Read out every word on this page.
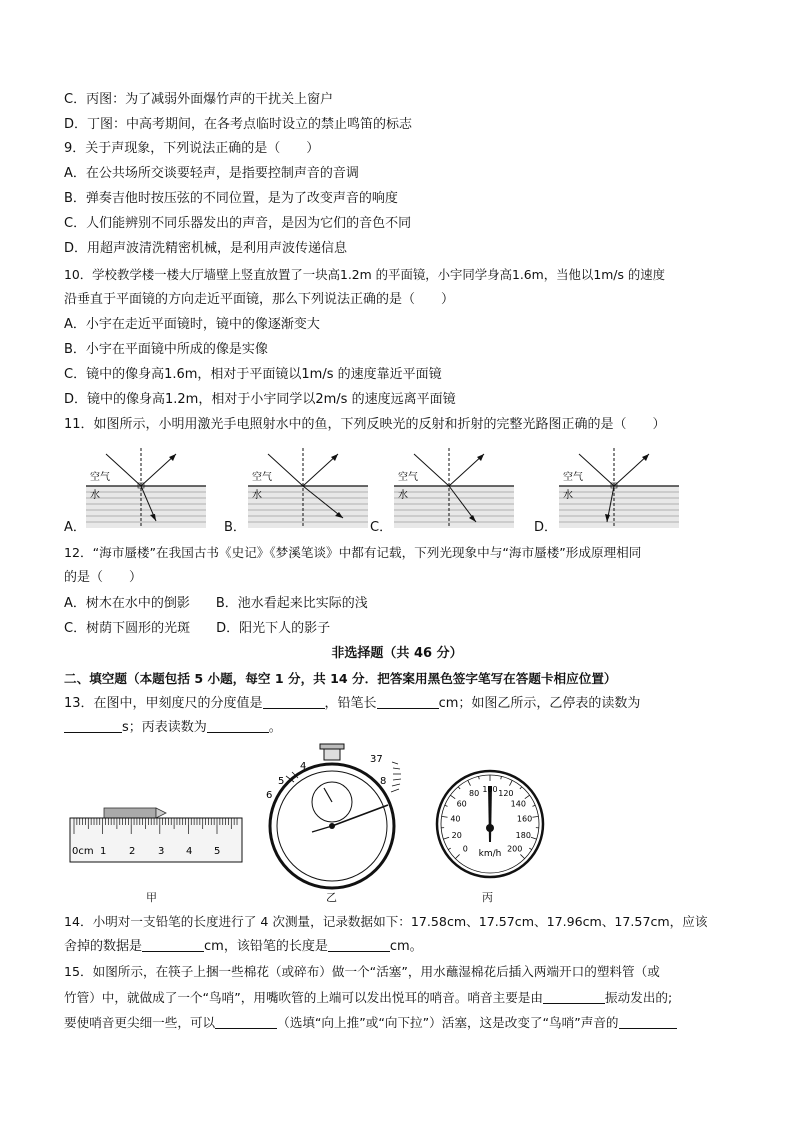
C．丙图：为了减弱外面爆竹声的干扰关上窗户
D．丁图：中高考期间，在各考点临时设立的禁止鸣笛的标志
9．关于声现象，下列说法正确的是（　　）
A．在公共场所交谈要轻声，是指要控制声音的音调
B．弹奏吉他时按压弦的不同位置，是为了改变声音的响度
C．人们能辨别不同乐器发出的声音，是因为它们的音色不同
D．用超声波清洗精密机械，是利用声波传递信息
10．学校教学楼一楼大厅墙壁上竖直放置了一块高1.2m 的平面镜，小宇同学身高1.6m，当他以1m/s 的速度
沿垂直于平面镜的方向走近平面镜，那么下列说法正确的是（　　）
A．小宇在走近平面镜时，镜中的像逐渐变大
B．小宇在平面镜中所成的像是实像
C．镜中的像身高1.6m，相对于平面镜以1m/s 的速度靠近平面镜
D．镜中的像身高1.2m，相对于小宇同学以2m/s 的速度远离平面镜
11．如图所示，小明用激光手电照射水中的鱼，下列反映光的反射和折射的完整光路图正确的是（　　）
空气
水
A．
空气
水
B．
空气
水
C．
空气
水
D．
12．“海市蜃楼”在我国古书《史记》《梦溪笔谈》中都有记载，下列光现象中与“海市蜃楼”形成原理相同
的是（　　）
A．树木在水中的倒影　　B．池水看起来比实际的浅
C．树荫下圆形的光斑　　D．阳光下人的影子
非选择题（共 46 分）
二、填空题（本题包括 5 小题，每空 1 分，共 14 分．把答案用黑色签字笔写在答题卡相应位置）
13．在图中，甲刻度尺的分度值是	，铅笔长	cm；如图乙所示，乙停表的读数为
s；丙表读数为	。
0cm 1 2 3 4 5
甲
4
5
6
37
8
乙
0
20
40
60
80 100 120
140
160
180
200
km/h
丙
14．小明对一支铅笔的长度进行了 4 次测量，记录数据如下：17.58cm、17.57cm、17.96cm、17.57cm，应该
舍掉的数据是	cm，该铅笔的长度是	cm。
15．如图所示，在筷子上捆一些棉花（或碎布）做一个“活塞”，用水蘸湿棉花后插入两端开口的塑料管（或
竹管）中，就做成了一个“鸟哨”，用嘴吹管的上端可以发出悦耳的哨音。哨音主要是由	振动发出的;
要使哨音更尖细一些，可以	（选填“向上推”或“向下拉”）活塞，这是改变了“鸟哨”声音的
